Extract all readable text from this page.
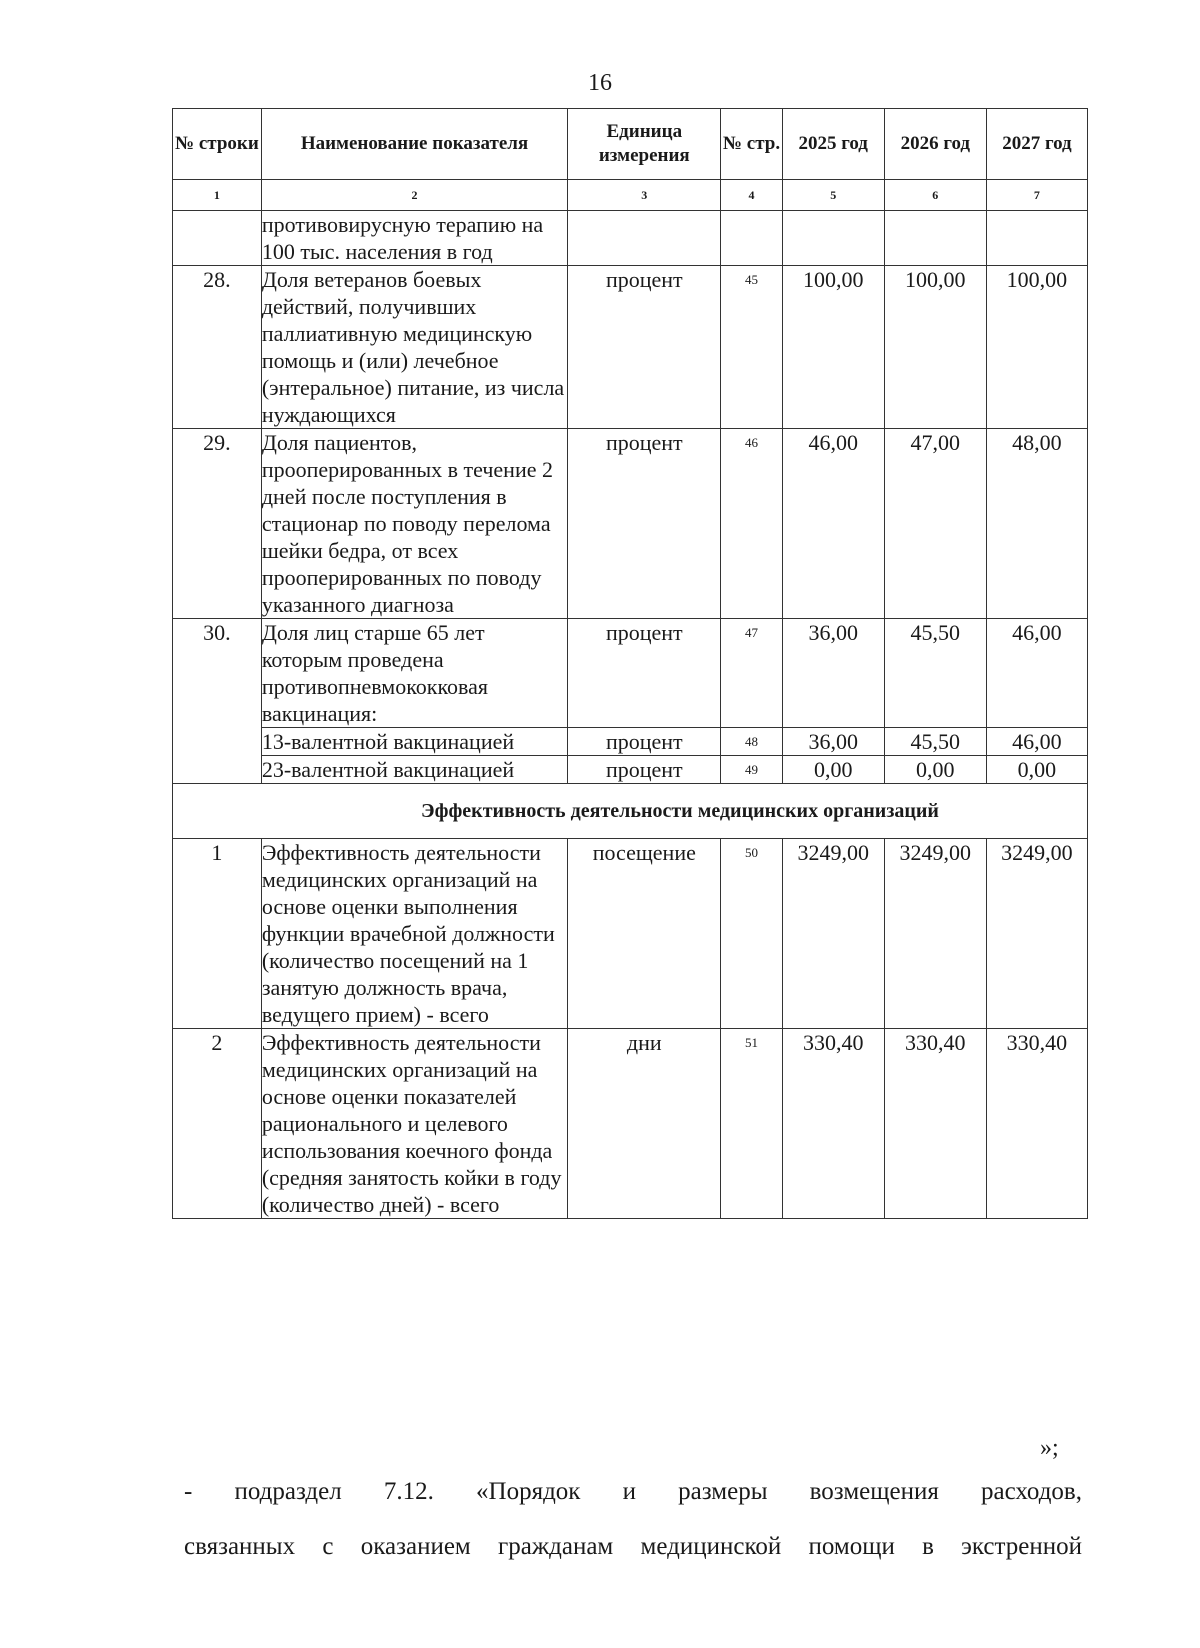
16
№ строки	Наименование показателя	Единица измерения	№ стр.	2025 год	2026 год	2027 год
1	2	3	4	5	6	7
	противовирусную терапию на 100 тыс. населения в год					
28.	Доля ветеранов боевых действий, получивших паллиативную медицинскую помощь и (или) лечебное (энтеральное) питание, из числа нуждающихся	процент	45	100,00	100,00	100,00
29.	Доля пациентов, прооперированных в течение 2 дней после поступления в стационар по поводу перелома шейки бедра, от всех прооперированных по поводу указанного диагноза	процент	46	46,00	47,00	48,00
30.	Доля лиц старше 65 лет которым проведена противопневмококковая вакцинация:	процент	47	36,00	45,50	46,00
	13-валентной вакцинацией	процент	48	36,00	45,50	46,00
	23-валентной вакцинацией	процент	49	0,00	0,00	0,00
Эффективность деятельности медицинских организаций						
1	Эффективность деятельности медицинских организаций на основе оценки выполнения функции врачебной должности (количество посещений на 1 занятую должность врача, ведущего прием) - всего	посещение	50	3249,00	3249,00	3249,00
2	Эффективность деятельности медицинских организаций на основе оценки показателей рационального и целевого использования коечного фонда (средняя занятость койки в году (количество дней) - всего	дни	51	330,40	330,40	330,40
»;
- подраздел 7.12. «Порядок и размеры возмещения расходов,
связанных с оказанием гражданам медицинской помощи в экстренной
